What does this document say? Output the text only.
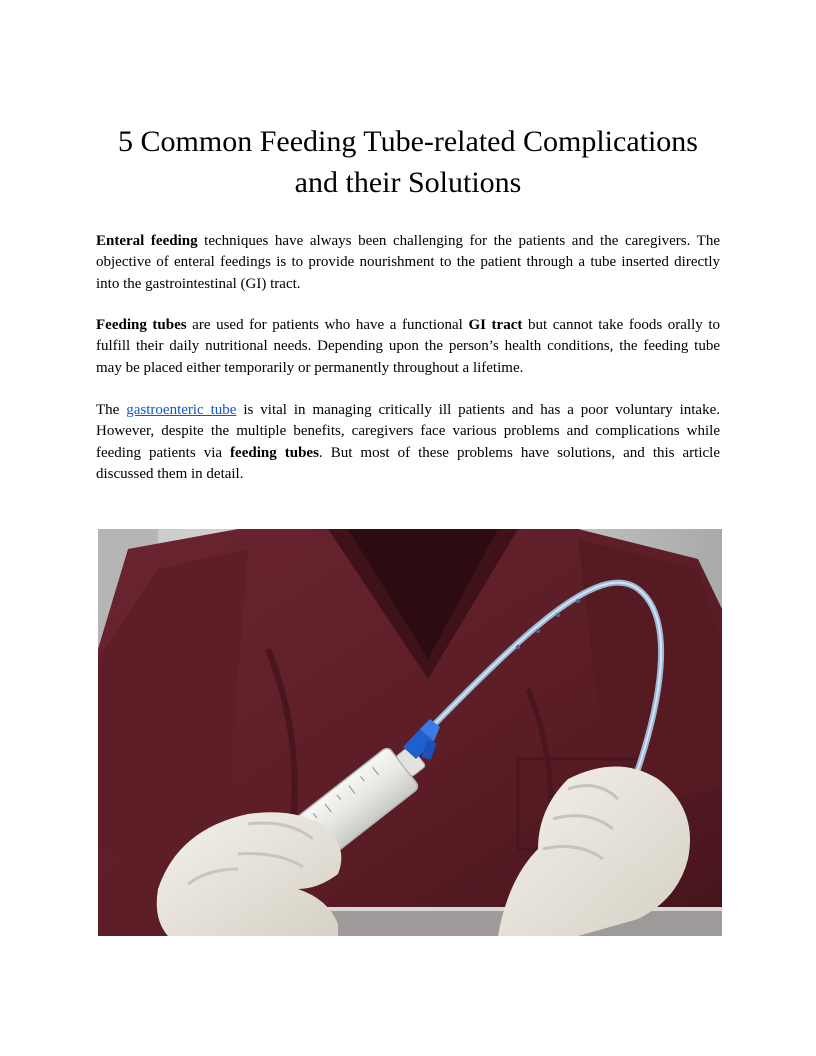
5 Common Feeding Tube-related Complications
and their Solutions

Enteral feeding techniques have always been challenging for the patients and the caregivers. The objective of enteral feedings is to provide nourishment to the patient through a tube inserted directly into the gastrointestinal (GI) tract.

Feeding tubes are used for patients who have a functional GI tract but cannot take foods orally to fulfill their daily nutritional needs. Depending upon the person’s health conditions, the feeding tube may be placed either temporarily or permanently throughout a lifetime.

The gastroenteric tube is vital in managing critically ill patients and has a poor voluntary intake. However, despite the multiple benefits, caregivers face various problems and complications while feeding patients via feeding tubes. But most of these problems have solutions, and this article discussed them in detail.
